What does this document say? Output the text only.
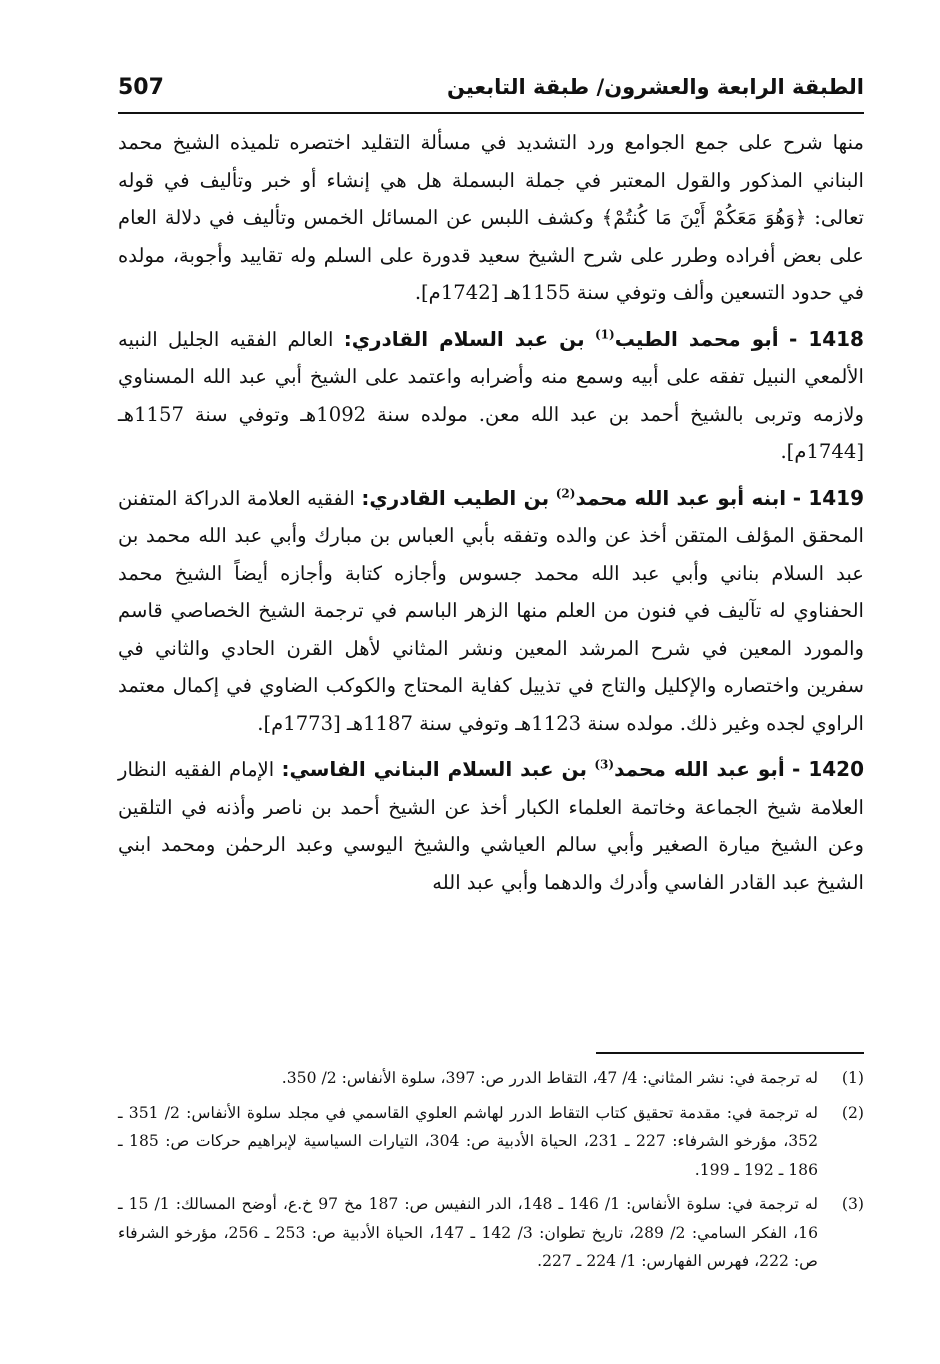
الطبقة الرابعة والعشرون/ طبقة التابعين
507

منها شرح على جمع الجوامع ورد التشديد في مسألة التقليد اختصره تلميذه الشيخ محمد البناني المذكور والقول المعتبر في جملة البسملة هل هي إنشاء أو خبر وتأليف في قوله تعالى: ﴿وَهُوَ مَعَكُمْ أَيْنَ مَا كُنتُمْ﴾ وكشف اللبس عن المسائل الخمس وتأليف في دلالة العام على بعض أفراده وطرر على شرح الشيخ سعيد قدورة على السلم وله تقاييد وأجوبة، مولده في حدود التسعين وألف وتوفي سنة 1155هـ [1742م].

1418 - أبو محمد الطيب$^{(1)}$ بن عبد السلام القادري: العالم الفقيه الجليل النبيه الألمعي النبيل تفقه على أبيه وسمع منه وأضرابه واعتمد على الشيخ أبي عبد الله المسناوي ولازمه وتربى بالشيخ أحمد بن عبد الله معن. مولده سنة 1092هـ وتوفي سنة 1157هـ [1744م].

1419 - ابنه أبو عبد الله محمد$^{(2)}$ بن الطيب القادري: الفقيه العلامة الدراكة المتفنن المحقق المؤلف المتقن أخذ عن والده وتفقه بأبي العباس بن مبارك وأبي عبد الله محمد بن عبد السلام بناني وأبي عبد الله محمد جسوس وأجازه كتابة وأجازه أيضاً الشيخ محمد الحفناوي له تآليف في فنون من العلم منها الزهر الباسم في ترجمة الشيخ الخصاصي قاسم والمورد المعين في شرح المرشد المعين ونشر المثاني لأهل القرن الحادي والثاني في سفرين واختصاره والإكليل والتاج في تذييل كفاية المحتاج والكوكب الضاوي في إكمال معتمد الراوي لجده وغير ذلك. مولده سنة 1123هـ وتوفي سنة 1187هـ [1773م].

1420 - أبو عبد الله محمد$^{(3)}$ بن عبد السلام البناني الفاسي: الإمام الفقيه النظار العلامة شيخ الجماعة وخاتمة العلماء الكبار أخذ عن الشيخ أحمد بن ناصر وأذنه في التلقين وعن الشيخ ميارة الصغير وأبي سالم العياشي والشيخ اليوسي وعبد الرحمٰن ومحمد ابني الشيخ عبد القادر الفاسي وأدرك والدهما وأبي عبد الله

(1)
له ترجمة في: نشر المثاني: 4/ 47، التقاط الدرر ص: 397، سلوة الأنفاس: 2/ 350.
(2)
له ترجمة في: مقدمة تحقيق كتاب التقاط الدرر لهاشم العلوي القاسمي في مجلد سلوة الأنفاس: 2/ 351 ـ 352، مؤرخو الشرفاء: 227 ـ 231، الحياة الأدبية ص: 304، التيارات السياسية لإبراهيم حركات ص: 185 ـ 186 ـ 192 ـ 199.
(3)
له ترجمة في: سلوة الأنفاس: 1/ 146 ـ 148، الدر النفيس ص: 187 مخ 97 خ.ع، أوضح المسالك: 1/ 15 ـ 16، الفكر السامي: 2/ 289، تاريخ تطوان: 3/ 142 ـ 147، الحياة الأدبية ص: 253 ـ 256، مؤرخو الشرفاء ص: 222، فهرس الفهارس: 1/ 224 ـ 227.
